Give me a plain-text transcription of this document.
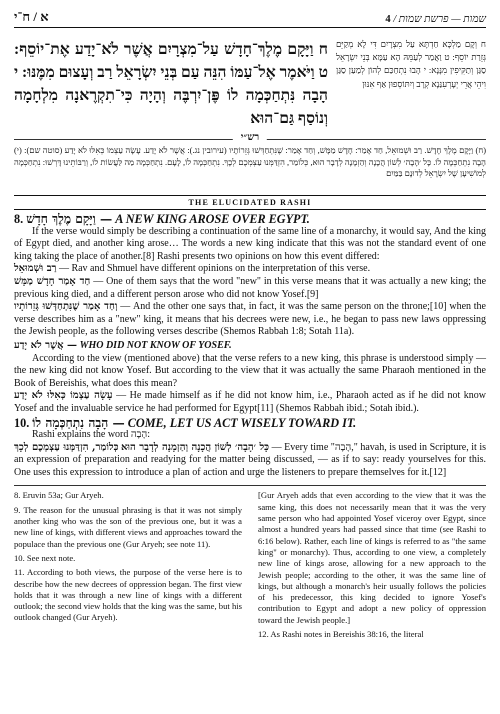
א / ח־י	שמות — פרשת שמות / 4
ח וַיָּקָם מֶלֶךְ־חָדָשׁ עַל־מִצְרָיִם אֲשֶׁר לֹא־יָדַע אֶת־יוֹסֵף: ט וַיֹּאמֶר אֶל־עַמּוֹ הִנֵּה עַם בְּנֵי יִשְׂרָאֵל רַב וְעָצוּם מִמֶּנּוּ: י הָבָה נִּתְחַכְּמָה לוֹ פֶּן־יִרְבֶּה וְהָיָה כִּי־תִקְרֶאנָה מִלְחָמָה וְנוֹסַף גַּם־הוּא
ח וְקָם מַלְכָּא חַדְתָּא עַל מִצְרָיִם דִּי לָא מְקַיֵּם גְּזֵרַת יוֹסֵף: ט וַאֲמַר לְעַמֵּהּ הָא עַמָּא בְּנֵי יִשְׂרָאֵל סַגַּן וְתַקִּיפִין מִנָּנָא: י הָבוּ נִתְחַכַּם לְהוֹן לְמַעַן סַגַּן וִיהֵי אֲרֵי יְעָרְעִנַּנָא קְרָב וְיִתּוֹסְפוּן אַף אִנּוּן
רש״י
(ח) וַיָּקָם מֶלֶךְ חָדָשׁ. רַב וּשְׁמוּאֵל, חַד אָמַר: חָדָשׁ מַמָּשׁ, וְחַד אָמַר: שֶׁנִּתְחַדְּשׁוּ גְּזֵרוֹתָיו (עירובין נג.): אֲשֶׁר לֹא יָדַע. עָשָׂה עַצְמוֹ כְּאִלּוּ לֹא יָדַע (סוטה שם): (י) הָבָה נִתְחַכְּמָה לוֹ. כָּל ׳הָבָה׳ לְשׁוֹן הֲכָנָה וְהַזְמָנָה לְדָבָר הוּא, כְּלוֹמַר, הִזְדַּמְּנוּ עַצְמְכֶם לְכָךְ. נִתְחַכְּמָה לוֹ, לָעָם. נִתְחַכְּמָה מַה לַּעֲשׂוֹת לוֹ, וְרַבּוֹתֵינוּ דָּרְשׁוּ: נִתְחַכְּמָה לְמוֹשִׁיעָן שֶׁל יִשְׂרָאֵל לְדוּנָם בַּמַּיִם
THE ELUCIDATED RASHI

8. וַיָּקָם מֶלֶךְ חָדָשׁ — A NEW KING AROSE OVER EGYPT.

If the verse would simply be describing a continuation of the same line of a monarchy, it would say, And the king of Egypt died, and another king arose… The words a new king indicate that this was not the standard event of one king taking the place of another.[8] Rashi presents two opinions on how this event differed:

רַב וּשְׁמוּאֵל — Rav and Shmuel have different opinions on the interpretation of this verse.

חַד אָמַר חָדָשׁ מַמָּשׁ — One of them says that the word "new" in this verse means that it was actually a new king; the previous king died, and a different person arose who did not know Yosef.[9]

וְחַד אָמַר שֶׁנִּתְחַדְּשׁוּ גְּזֵרוֹתָיו — And the other one says that, in fact, it was the same person on the throne;[10] when the verse describes him as a "new" king, it means that his decrees were new, i.e., he began to pass new laws oppressing the Jewish people, as the following verses describe (Shemos Rabbah 1:8; Sotah 11a).

אֲשֶׁר לֹא יָדַע — WHO DID NOT KNOW OF YOSEF.

According to the view (mentioned above) that the verse refers to a new king, this phrase is understood simply — the new king did not know Yosef. But according to the view that it was actually the same Pharaoh mentioned in the Book of Bereishis, what does this mean?

עָשָׂה עַצְמוֹ כְּאִלּוּ לֹא יָדַע — He made himself as if he did not know him, i.e., Pharaoh acted as if he did not know Yosef and the invaluable service he had performed for Egypt[11] (Shemos Rabbah ibid.; Sotah ibid.).

10. הָבָה נִתְחַכְּמָה לוֹ — COME, LET US ACT WISELY TOWARD IT.

Rashi explains the word הָבָה:

כָּל ׳הָבָה׳ לְשׁוֹן הֲכָנָה וְהַזְמָנָה לְדָבָר הוּא כְּלוֹמַר, הִזְדַּמְּנוּ עַצְמְכֶם לְכָךְ	— Every time "הָבָה," havah, is used in Scripture, it is an expression of preparation and readying for the matter being discussed, — as if to say: ready yourselves for this. One uses this expression to introduce a plan of action and urge the listeners to prepare themselves for it.[12]

8. Eruvin 53a; Gur Aryeh.

9. The reason for the unusual phrasing is that it was not simply another king who was the son of the previous one, but it was a new line of kings, with different views and approaches toward the populace than the previous one (Gur Aryeh; see note 11).

10. See next note.

11. According to both views, the purpose of the verse here is to describe how the new decrees of oppression began. The first view holds that it was through a new line of kings with a different outlook; the second view holds that the king was the same, but his outlook changed (Gur Aryeh).

[Gur Aryeh adds that even according to the view that it was the same king, this does not necessarily mean that it was the very same person who had appointed Yosef viceroy over Egypt, since almost a hundred years had passed since that time (see Rashi to 6:16 below). Rather, each line of kings is referred to as "the same king" or monarchy). Thus, according to one view, a completely new line of kings arose, allowing for a new approach to the Jewish people; according to the other, it was the same line of kings, but although a monarch's heir usually follows the policies of his predecessor, this king decided to ignore Yosef's contribution to Egypt and adopt a new policy of oppression toward the Jewish people.]

12. As Rashi notes in Bereishis 38:16, the literal
